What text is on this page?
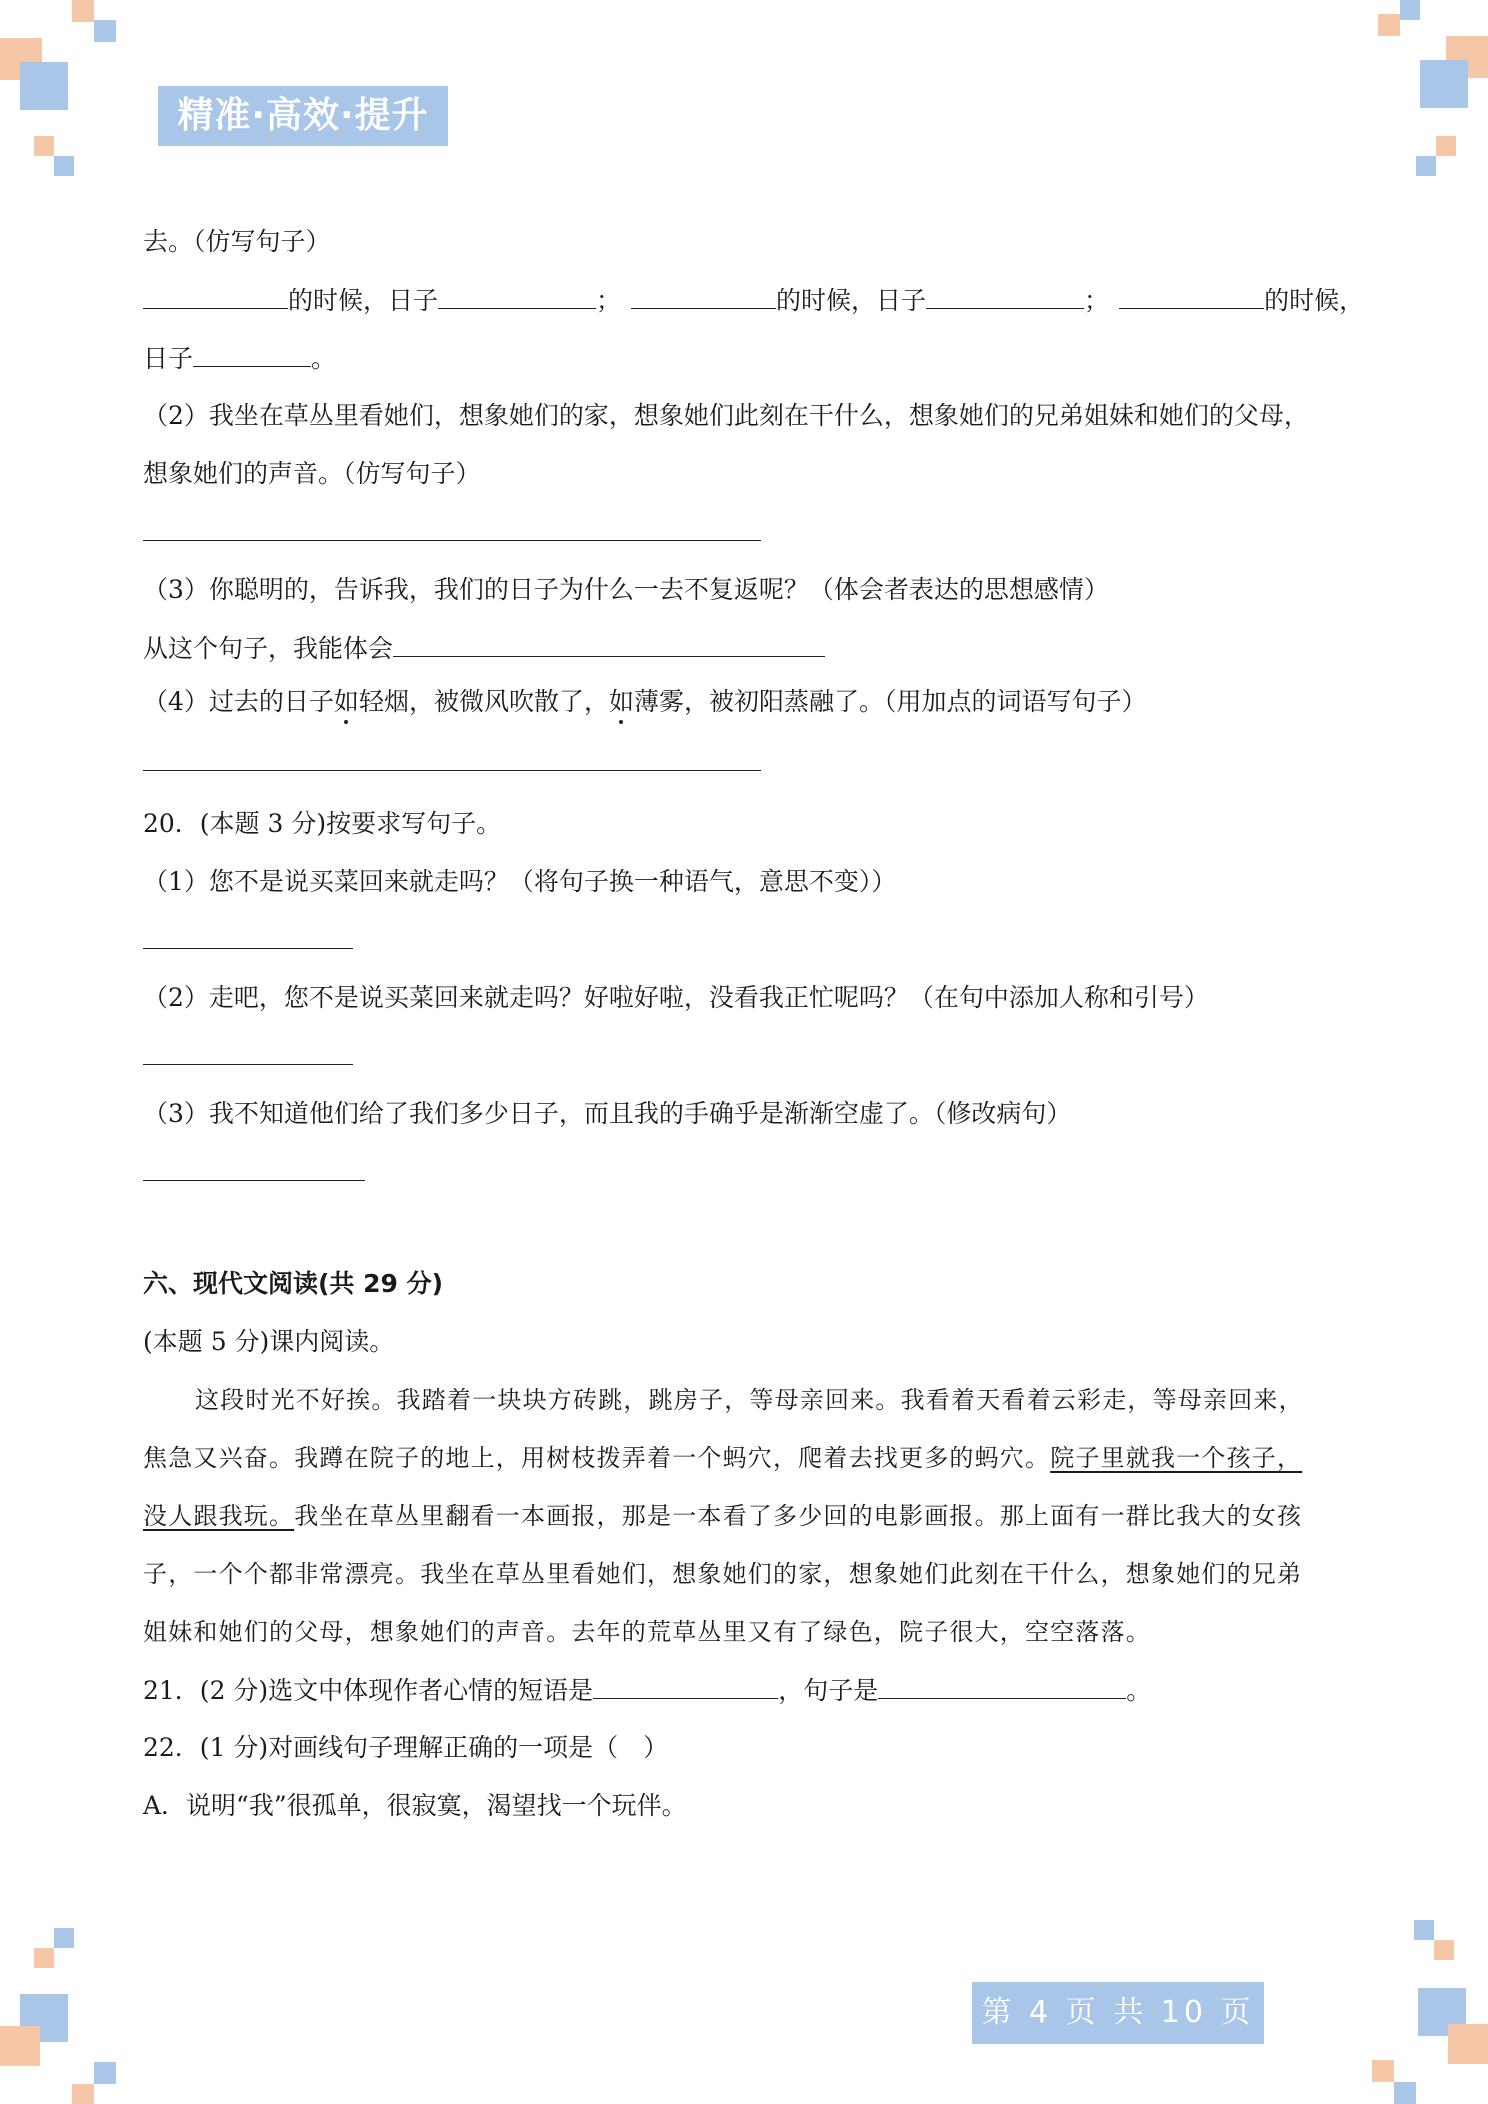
精准·高效·提升
去。（仿写句子）
的时候，日子	；	的时候，日子	；	的时候，
日子	。
（2）我坐在草丛里看她们，想象她们的家，想象她们此刻在干什么，想象她们的兄弟姐妹和她们的父母，
想象她们的声音。（仿写句子）
（3）你聪明的，告诉我，我们的日子为什么一去不复返呢？（体会者表达的思想感情）
从这个句子，我能体会
（4）过去的日子如轻烟，被微风吹散了，如薄雾，被初阳蒸融了。（用加点的词语写句子）
20．(本题 3 分)按要求写句子。
（1）您不是说买菜回来就走吗？（将句子换一种语气，意思不变））
（2）走吧，您不是说买菜回来就走吗？好啦好啦，没看我正忙呢吗？（在句中添加人称和引号）
（3）我不知道他们给了我们多少日子，而且我的手确乎是渐渐空虚了。（修改病句）
六、现代文阅读(共 29 分)
(本题 5 分)课内阅读。
这段时光不好挨。我踏着一块块方砖跳，跳房子，等母亲回来。我看着天看着云彩走，等母亲回来，
焦急又兴奋。我蹲在院子的地上，用树枝拨弄着一个蚂穴，爬着去找更多的蚂穴。院子里就我一个孩子，
没人跟我玩。我坐在草丛里翻看一本画报，那是一本看了多少回的电影画报。那上面有一群比我大的女孩
子，一个个都非常漂亮。我坐在草丛里看她们，想象她们的家，想象她们此刻在干什么，想象她们的兄弟
姐妹和她们的父母，想象她们的声音。去年的荒草丛里又有了绿色，院子很大，空空落落。
21．(2 分)选文中体现作者心情的短语是	，句子是	。
22．(1 分)对画线句子理解正确的一项是（　）
A．说明“我”很孤单，很寂寞，渴望找一个玩伴。
第 4 页 共 10 页
